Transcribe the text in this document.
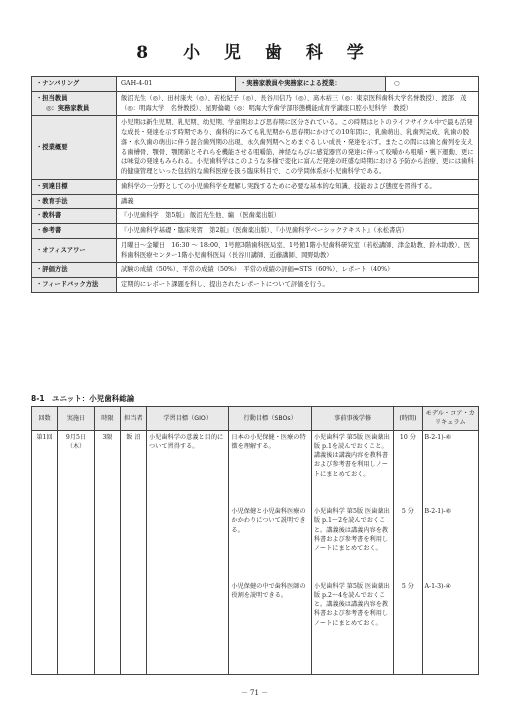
8　小 児 歯 科 学
・ナンバリング	GAH-4-01	・実務家教員や実務家による授業：	○
・担当教員
◎：実務家教員	飯沼光生（◎）、田村康夫（◎）、若松紀子（◎）、長谷川信乃（◎）、髙木裕三（◎：東京医科歯科大学名誉教授）、渡部　茂（◎：明海大学　名誉教授）、星野倫範（◎：明海大学歯学部形態機能成育学講座口腔小児科学　教授）		
・授業概要	小児期は新生児期、乳児期、幼児期、学童期および思春期に区分されている。この時期はヒトのライフサイクル中で最も活発な成長・発達を示す時期であり、歯科的にみても乳児期から思春期にかけての10年間に、乳歯萌出、乳歯列完成、乳歯の脱落・永久歯の萌出に伴う混合歯列期の出現、永久歯列期へとめまぐるしい成長・発達を示す。またこの間には歯と歯列を支える歯槽骨、顎骨、顎関節とそれらを機能させる咀嚼筋、神経ならびに感覚器官の発達に伴って咬嚼から咀嚼・嚥下運動、更には味覚の発達もみられる。小児歯科学はこのような多様で変化に富んだ発達の旺盛な時期における予防から治療、更には歯科的健康管理といった包括的な歯科医療を扱う臨床科目で、この学問体系が小児歯科学である。		
・到達目標	歯科学の一分野としての小児歯科学を理解し実践するために必要な基本的な知識、技能および態度を習得する。		
・教育手法	講義		
・教科書	『小児歯科学　第5版』 飯沼光生他、編 （医歯薬出版）		
・参考書	『小児歯科学基礎・臨床実習　第2版』（医歯薬出版）、『小児歯科学ベーシックテキスト』（永松書店）		
・オフィスアワー	月曜日～金曜日　16:30 ～ 18:00、1号館3階歯科医局室、1号館1階小児歯科研究室（若松講師、津金助教、鈴木助教）、医科歯科医療センター1階小児歯科医局（長谷川講師、近藤講師、岡野助教）		
・評価方法	試験の成績（50%）、平常の成績（50%）　平常の成績の評価⇒STS（60%）、レポート（40%）		
・フィードバック方法	定期的にレポート課題を科し、提出されたレポートについて評価を行う。		
8-1　ユニット：小児歯科総論
回数	実施日	時限	担当者	学習目標（GIO）	行動目標（SBOs）	事前事後学修	(時間)	モデル・コア・カリキュラム
第1回	9月5日（木）	3限	飯 沼	小児歯科学の意義と目的について習得する。	日本の小児保健・医療の特徴を理解する。	小児歯科学 第5版 医歯薬出版 p.1を読んでおくこと。講義後は講義内容を教科書および参考書を利用しノートにまとめておく。	10 分	B-2-1)-⑥

					小児保健と小児歯科医療のかかわりについて説明できる。	小児歯科学 第5版 医歯薬出版 p.1～2を読んでおくこと。講義後は講義内容を教科書および参考書を利用しノートにまとめておく。	5 分	B-2-1)-⑥

					小児保健の中で歯科医師の役割を説明できる。	小児歯科学 第5版 医歯薬出版 p.2～4を読んでおくこと。講義後は講義内容を教科書および参考書を利用しノートにまとめておく。	5 分	A-1-3)-④

－ 71 －
